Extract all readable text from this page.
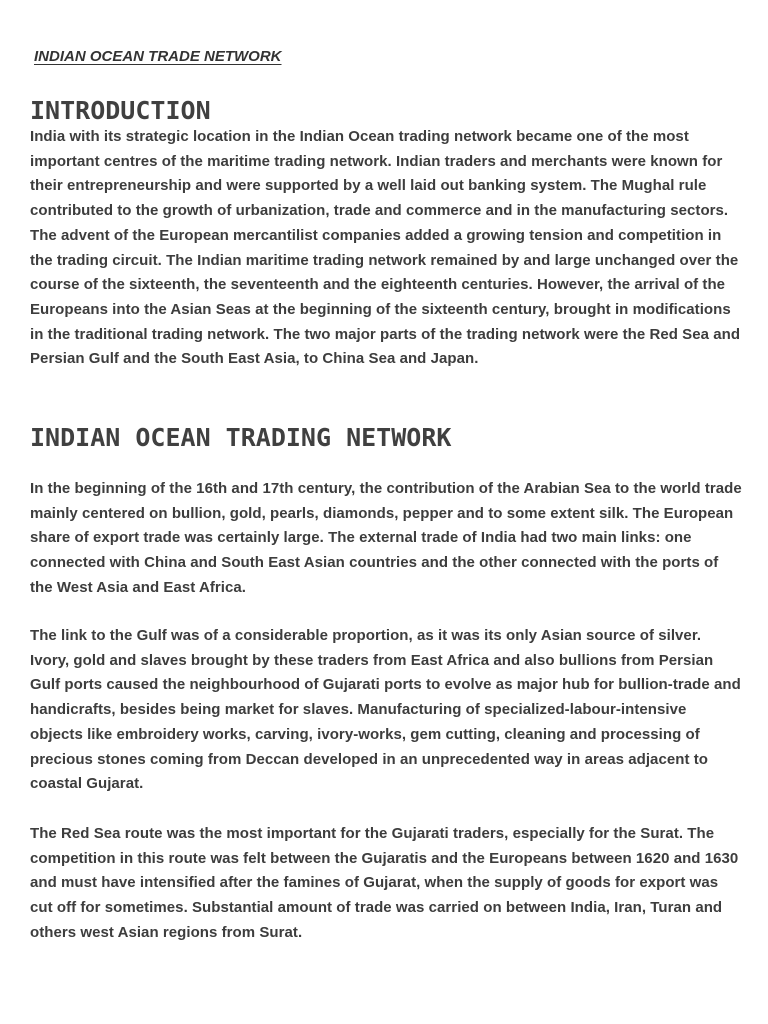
INDIAN OCEAN TRADE NETWORK
INTRODUCTION

India with its strategic location in the Indian Ocean trading network became one of the most important centres of the maritime trading network. Indian traders and merchants were known for their entrepreneurship and were supported by a well laid out banking system. The Mughal rule contributed to the growth of urbanization, trade and commerce and in the manufacturing sectors. The advent of the European mercantilist companies added a growing tension and competition in the trading circuit. The Indian maritime trading network remained by and large unchanged over the course of the sixteenth, the seventeenth and the eighteenth centuries. However, the arrival of the Europeans into the Asian Seas at the beginning of the sixteenth century, brought in modifications in the traditional trading network. The two major parts of the trading network were the Red Sea and Persian Gulf and the South East Asia, to China Sea and Japan.

INDIAN OCEAN TRADING NETWORK

In the beginning of the 16th and 17th century, the contribution of the Arabian Sea to the world trade mainly centered on bullion, gold, pearls, diamonds, pepper and to some extent silk. The European share of export trade was certainly large. The external trade of India had two main links: one connected with China and South East Asian countries and the other connected with the ports of the West Asia and East Africa.

The link to the Gulf was of a considerable proportion, as it was its only Asian source of silver. Ivory, gold and slaves brought by these traders from East Africa and also bullions from Persian Gulf ports caused the neighbourhood of Gujarati ports to evolve as major hub for bullion-trade and handicrafts, besides being market for slaves. Manufacturing of specialized-labour-intensive objects like embroidery works, carving, ivory-works, gem cutting, cleaning and processing of precious stones coming from Deccan developed in an unprecedented way in areas adjacent to coastal Gujarat.

The Red Sea route was the most important for the Gujarati traders, especially for the Surat. The competition in this route was felt between the Gujaratis and the Europeans between 1620 and 1630 and must have intensified after the famines of Gujarat, when the supply of goods for export was cut off for sometimes. Substantial amount of trade was carried on between India, Iran, Turan and others west Asian regions from Surat.
